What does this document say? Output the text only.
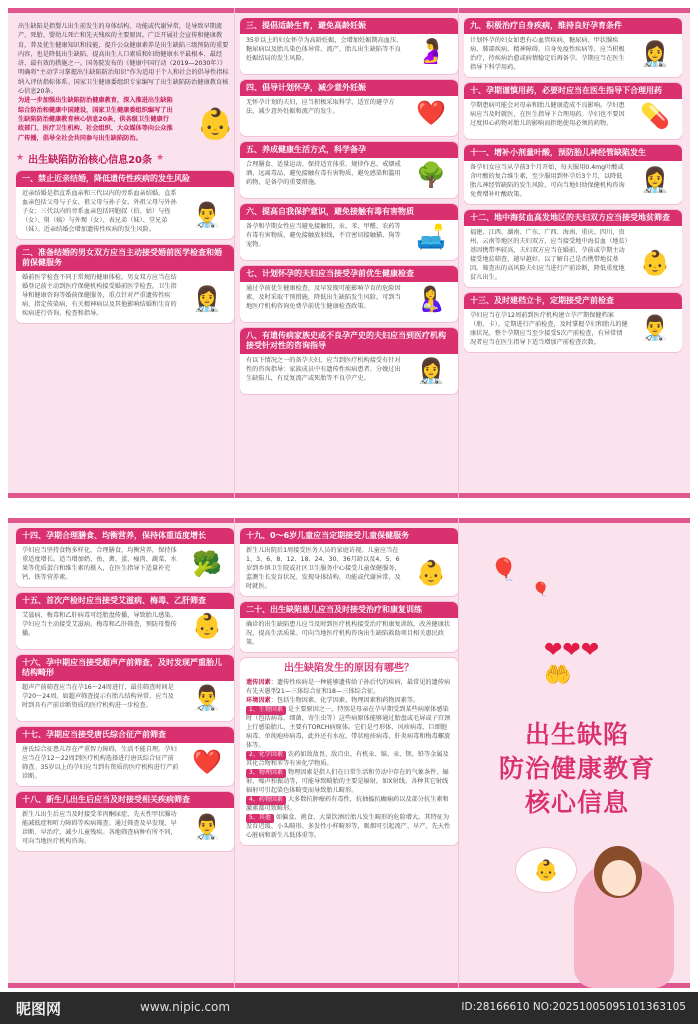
出生缺陷是指婴儿出生前发生的身体结构、功能或代谢异常，是导致早期流产、死胎、婴幼儿死亡和先天残疾的主要原因。广泛开展社会宣传和健康教育，普及优生健康知识和技能，提升公众健康素养是出生缺陷三级预防的重要内容，也是降低出生缺陷、提高出生人口素质和妇幼健康水平最根本、最经济、最有效的措施之一。国务院发布的《健康中国行动（2019—2030年）》明确将“主动学习掌握出生缺陷防治知识”作为适用于个人和社会的倡导性指标纳入评估指标体系。国家卫生健康委组织专家编写了出生缺陷防治健康教育核心信息20条。

为进一步加强出生缺陷防治健康教育，深入推进出生缺陷综合防治和健康中国建设，国家卫生健康委组织编写了出生缺陷防治健康教育核心信息20条，供各级卫生健康行政部门、医疗卫生机构、社会组织、大众媒体等向公众推广传播，倡导全社会共同参与出生缺陷防治。	👶
★ 出生缺陷防治核心信息20条 ★
一、禁止近亲结婚，降低遗传性疾病的发生风险
近亲结婚是指直系血亲和三代以内的旁系血亲结婚。直系血亲包括父母与子女、祖父母与孙子女、外祖父母与外孙子女；三代以内的旁系血亲包括同胞叔（伯、姑）与侄（女）、舅（姨）与外甥（女）、表兄弟（妹）、堂兄弟（妹）。近亲结婚会增加遗传性疾病的发生风险。 👨‍⚕️
二、准备结婚的男女双方应当主动接受婚前医学检查和婚前保健服务
婚前医学检查不同于常规的健康体检。男女双方应当在结婚登记前主动到医疗保健机构接受婚前医学检查，卫生指导和健康咨询等婚前保健服务，重点针对严重遗传性疾病、指定传染病、有关精神病以及其他影响结婚和生育的疾病进行咨询、检查和指导。	👩‍⚕️
三、提倡适龄生育，避免高龄妊娠
35岁以上的妇女怀孕为高龄妊娠，会增加妊娠期高血压、糖尿病以及胎儿染色体异常、流产、胎儿出生缺陷等不良妊娠结局的发生风险。	🤰
四、倡导计划怀孕，减少意外妊娠
无怀孕计划的夫妇，应当积极采取科学、适宜的避孕方法，减少意外妊娠和流产的发生。	❤️
五、养成健康生活方式，科学备孕
合理膳食、适量运动、保持适宜体重、规律作息、戒烟戒酒、远离毒品、避免接触有毒有害物质、避免感染和滥用药物，是备孕的重要措施。	🌳
六、提高自我保护意识，避免接触有毒有害物质
备孕和孕期女性应当避免接触铅、汞、苯、甲醛、农药等有毒有害物质，避免接触放射线，不宜密切接触猫、狗等宠物。	🛋️
七、计划怀孕的夫妇应当接受孕前优生健康检查
通过孕前优生健康检查，及早发现可能影响孕育的危险因素，及时采取干预措施，降低出生缺陷发生风险。可到当地医疗机构咨询免费孕前优生健康检查政策。 🤱
八、有遗传病家族史或不良孕产史的夫妇应当到医疗机构接受针对性的咨询指导
有以下情况之一的备孕夫妇，应当到医疗机构接受有针对性的咨询指导：家族成员中有遗传性疾病患者、分娩过出生缺陷儿，有反复流产或死胎等不良孕产史。 👩‍⚕️
九、积极治疗自身疾病，维持良好孕育条件
计划怀孕的妇女如患有心血管疾病、糖尿病、甲状腺疾病、肺部疾病、精神障碍、自身免疫性疾病等，应当积极治疗，待疾病治愈或病情稳定后再备孕。孕期应当在医生指导下科学用药。	👩‍⚕️
十、孕期谨慎用药，必要时应当在医生指导下合理用药
孕期患病可能会对母亲和胎儿健康造成不良影响。孕妇患病应当及时就医，在医生指导下合理用药。孕妇也不要因过度担心药物对胎儿的影响而拒绝使用必须的药物。 💊
十一、增补小剂量叶酸，预防胎儿神经管缺陷发生
备孕妇女应当从孕前3个月开始，每天服用0.4mg叶酸或含叶酸的复合维生素，至少服用到怀孕后3个月，以降低胎儿神经管缺陷的发生风险。可向当地妇幼保健机构咨询免费增补叶酸政策。	👩‍⚕️
十二、地中海贫血高发地区的夫妇双方应当接受地贫筛查
福建、江西、湖南、广东、广西、海南、重庆、四川、贵州、云南等地区的夫妇双方，应当接受地中海贫血（地贫）基因携带率较高，夫妇双方应当在婚前、孕前或孕期主动接受地贫筛查，越早越好，以了解自己是否携带地贫基因。筛查出的高风险夫妇应当进行产前诊断，降低重度地贫儿出生。	👶
十三、及时建档立卡，定期接受产前检查
孕妇应当在孕12周前到医疗机构建立孕产期保健档案（册、卡），定期进行产前检查，及时掌握孕妇和胎儿的健康状况。整个孕期应当至少接受5次产前检查，有异常情况者应当在医生指导下适当增加产前检查次数。 👨‍⚕️
十四、孕期合理膳食、均衡营养，保持体重适度增长
孕妇应当坚持食物多样化，合理膳食，均衡营养，保持体重适度增长。适当增加奶、鱼、禽、蛋、瘦肉、蔬菜、水果等优质蛋白和维生素的摄入，在医生指导下适量补充钙、铁等营养素。	🥦
十五、首次产检时应当接受艾滋病、梅毒、乙肝筛查
艾滋病、梅毒和乙肝病毒可经胎盘传播，导致胎儿感染。孕妇应当主动接受艾滋病、梅毒和乙肝筛查，预防母婴传播。	👶
十六、孕中期应当接受超声产前筛查，及时发现严重胎儿结构畸形
超声产前筛查应当在孕16～24周进行，最佳筛查时间是孕20～24周。如超声筛查提示有胎儿结构异常，应当及时到具有产前诊断资质的医疗机构进一步检查。 👨‍⚕️
十七、孕期应当接受唐氏综合征产前筛查
唐氏综合征患儿存在严重智力障碍，生活不能自理。孕妇应当在孕12～22周到医疗机构选择进行唐氏综合征产前筛查。35岁以上的孕妇应当到有资质的医疗机构进行产前诊断。	❤️
十八、新生儿出生后应当及时接受相关疾病筛查
新生儿出生后应当及时接受苯丙酮尿症、先天性甲状腺功能减低症和听力障碍等疾病筛查。通过筛查及早发现、早诊断、早治疗，减少儿童残疾。各地筛查病种有所不同，可向当地医疗机构咨询。	👨‍⚕️
十九、0～6岁儿童应当定期接受儿童保健服务
新生儿出院后1周接受医务人员的家庭访视。儿童应当在1、3、6、8、12、18、24、30、36月龄以及4、5、6岁到乡镇卫生院或社区卫生服务中心接受儿童保健服务，监测生长发育状况。发现身体结构、功能或代谢异常，及时就医。	👶
二十、出生缺陷患儿应当及时接受治疗和康复训练
确诊的出生缺陷患儿应当及时到医疗机构接受治疗和康复训练，改善健康状况，提高生活质量。可向当地医疗机构咨询出生缺陷救助项目相关惠民政策。
出生缺陷发生的原因有哪些？

遗传因素：遗传性疾病是一种能够遗传给子孙后代的疾病，最常见的遗传病有先天愚型21—三体综合征和18—三体综合征。

环境因素：包括生物因素、化学因素、物理因素和药物因素等。

1、生物因素 是主要原因之一，特别是母亲在孕早期受到某些病原体感染时（包括病毒、细菌、寄生虫等）这些病原体能够通过胎盘或毛屏或子宫颈上行感染胎儿，主要有TORCH病原体。它们是弓形体、风疹病毒、巨细胞病毒、单纯疱疹病毒，此外还有水痘、带状疱疹病毒，肝炎病毒和梅毒螺旋体等。

2、化学因素 农药如敌敌畏、敌百虫、有机汞、镉、汞、钡、铅等金属及其化合物和苯等有害化学物质。

3、物理因素 物理因素是指人们在日常生活和劳动中存在的气象条件、辐射、噪声和振动等，可能导致畸胎的主要是辐射，如X射线。各种其它射线辐射可引起染色体畸变而导致胎儿畸形。

4、药物因素 大多数抗肿瘤药有毒性，抗抽搐抗癫痫药以及部分抗生素和激素都可致畸形。

5、其他 如偏食、挑食、大量饮酒后胎儿发生畸形的危险增大。其特征为发育迟缓、小头畸形、多发性小样畸形等，吸烟可引起流产、早产、先天性心脏病和新生儿低体重等。

🎈
🎈
❤❤❤
🤲
出生缺陷
防治健康教育
核心信息
👶
昵图网	www.nipic.com	ID:28166610 NO:20251005095101363105
